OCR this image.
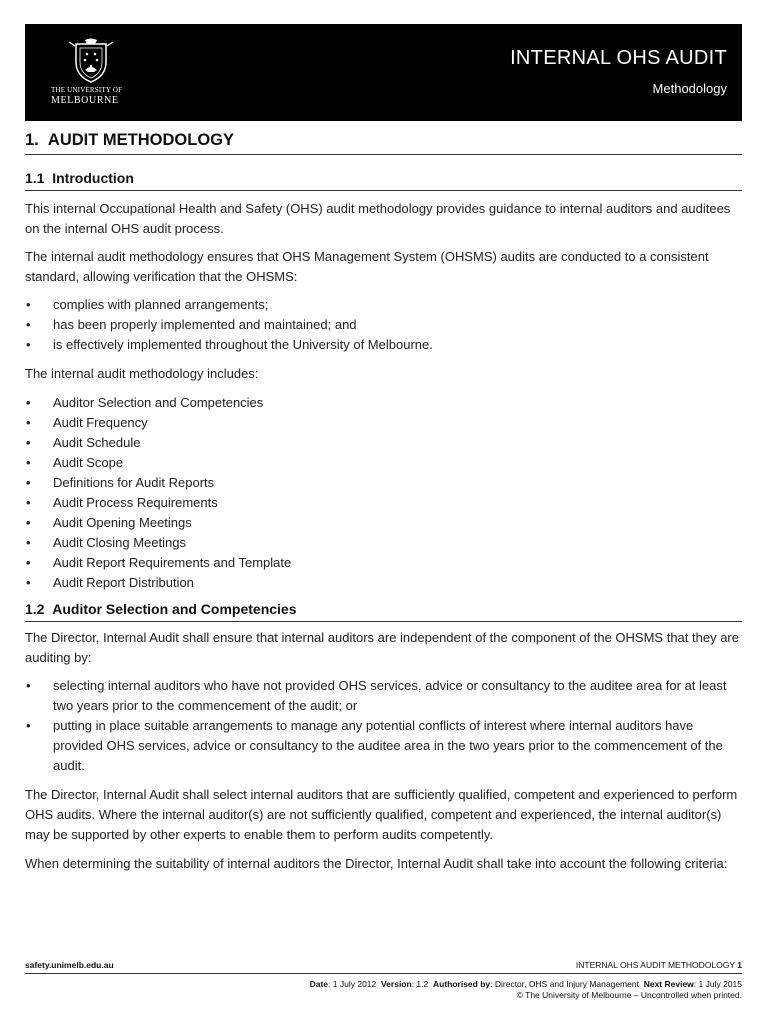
THE UNIVERSITY OF
MELBOURNE
INTERNAL OHS AUDIT
Methodology
1.  AUDIT METHODOLOGY
1.1  Introduction

This internal Occupational Health and Safety (OHS) audit methodology provides guidance to internal auditors and auditees on the internal OHS audit process.

The internal audit methodology ensures that OHS Management System (OHSMS) audits are conducted to a consistent standard, allowing verification that the OHSMS:

• complies with planned arrangements;
• has been properly implemented and maintained; and
• is effectively implemented throughout the University of Melbourne.

The internal audit methodology includes:

• Auditor Selection and Competencies
• Audit Frequency
• Audit Schedule
• Audit Scope
• Definitions for Audit Reports
• Audit Process Requirements
• Audit Opening Meetings
• Audit Closing Meetings
• Audit Report Requirements and Template
• Audit Report Distribution
1.2  Auditor Selection and Competencies

The Director, Internal Audit shall ensure that internal auditors are independent of the component of the OHSMS that they are auditing by:

• selecting internal auditors who have not provided OHS services, advice or consultancy to the auditee area for at least two years prior to the commencement of the audit; or
• putting in place suitable arrangements to manage any potential conflicts of interest where internal auditors have provided OHS services, advice or consultancy to the auditee area in the two years prior to the commencement of the audit.

The Director, Internal Audit shall select internal auditors that are sufficiently qualified, competent and experienced to perform OHS audits. Where the internal auditor(s) are not sufficiently qualified, competent and experienced, the internal auditor(s) may be supported by other experts to enable them to perform audits competently.

When determining the suitability of internal auditors the Director, Internal Audit shall take into account the following criteria:

safety.unimelb.edu.au	INTERNAL OHS AUDIT METHODOLOGY 1
Date: 1 July 2012 Version: 1.2 Authorised by: Director, OHS and Injury Management Next Review: 1 July 2015
© The University of Melbourne – Uncontrolled when printed.
